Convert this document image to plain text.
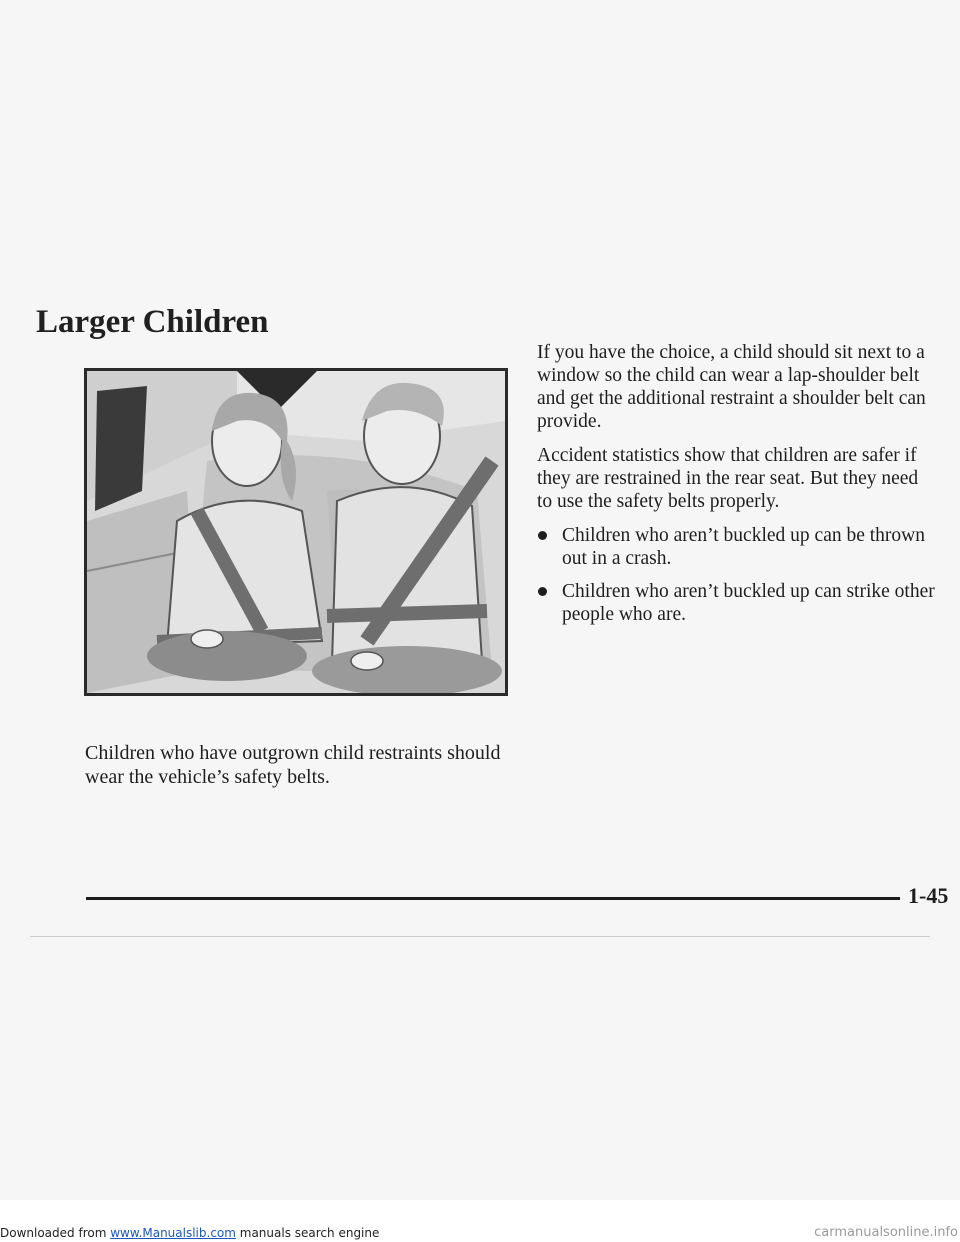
Larger Children

Children who have outgrown child restraints should wear the vehicle’s safety belts.

If you have the choice, a child should sit next to a window so the child can wear a lap-shoulder belt and get the additional restraint a shoulder belt can provide.

Accident statistics show that children are safer if they are restrained in the rear seat. But they need to use the safety belts properly.

Children who aren’t buckled up can be thrown out in a crash.
Children who aren’t buckled up can strike other people who are.
1-45
Downloaded from www.Manualslib.com manuals search engine	carmanualsonline.info
